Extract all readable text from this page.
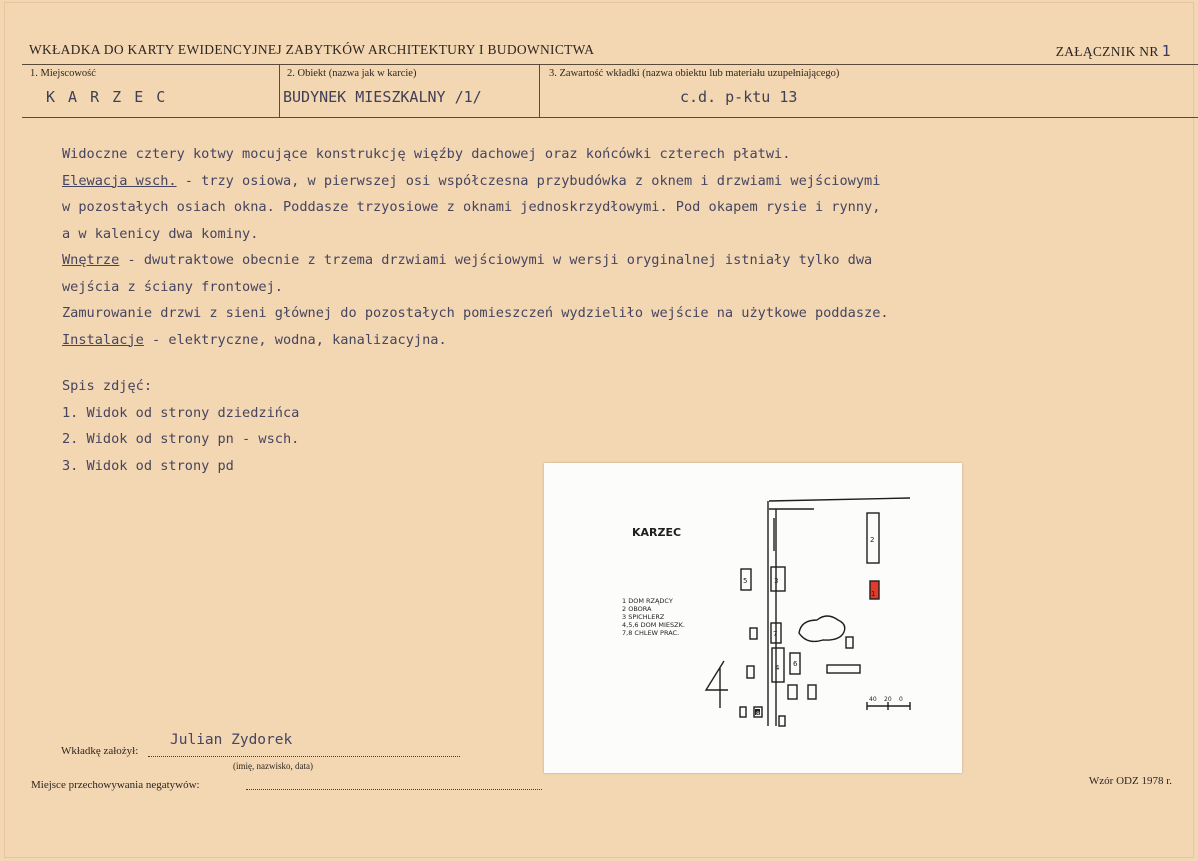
WKŁADKA DO KARTY EWIDENCYJNEJ ZABYTKÓW ARCHITEKTURY I BUDOWNICTWA	ZAŁĄCZNIK NR 1
1. Miejscowość
K A R Z E C
2. Obiekt (nazwa jak w karcie)
BUDYNEK MIESZKALNY /1/
3. Zawartość wkładki (nazwa obiektu lub materiału uzupełniającego)
c.d. p-ktu 13
Widoczne cztery kotwy mocujące konstrukcję więźby dachowej oraz końcówki czterech płatwi.
Elewacja wsch. - trzy osiowa, w pierwszej osi współczesna przybudówka z oknem i drzwiami wejściowymi
w pozostałych osiach okna. Poddasze trzyosiowe z oknami jednoskrzydłowymi. Pod okapem rysie i rynny,
a w kalenicy dwa kominy.
Wnętrze - dwutraktowe obecnie z trzema drzwiami wejściowymi w wersji oryginalnej istniały tylko dwa
wejścia z ściany frontowej.
Zamurowanie drzwi z sieni głównej do pozostałych pomieszczeń wydzieliło wejście na użytkowe poddasze.
Instalacje - elektryczne, wodna, kanalizacyjna.
Spis zdjęć:
1. Widok od strony dziedzińca
2. Widok od strony pn - wsch.
3. Widok od strony pd
KARZEC
1 DOM RZĄDCY
2 OBORA
3 SPICHLERZ
4,5,6 DOM MIESZK.
7,8 CHLEW PRAC.
1
2
3
4
5
6
7
8
40 20 0
Wkładkę założył:
Julian Zydorek
(imię, nazwisko, data)
Miejsce przechowywania negatywów:	Wzór ODZ 1978 r.
